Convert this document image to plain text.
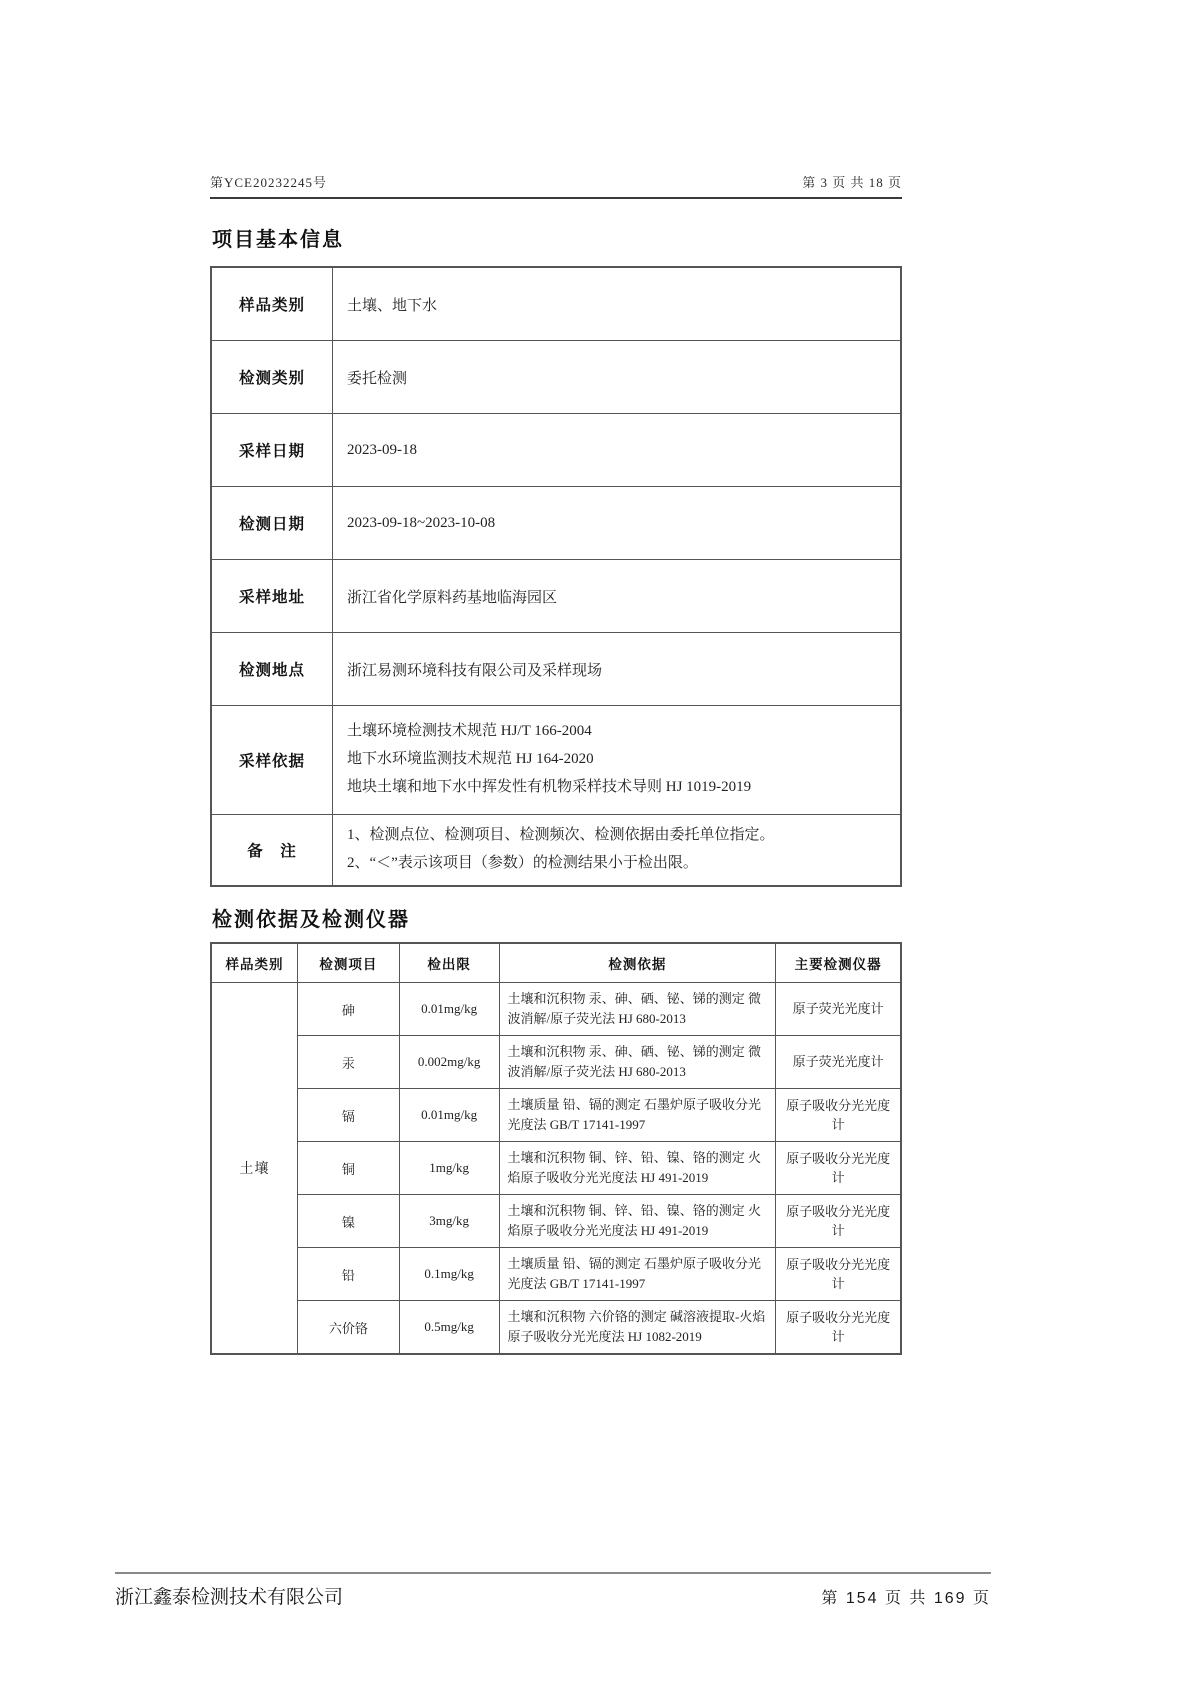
第YCE20232245号	第 3 页 共 18 页
项目基本信息
样品类别	土壤、地下水
检测类别	委托检测
采样日期	2023-09-18
检测日期	2023-09-18~2023-10-08
采样地址	浙江省化学原料药基地临海园区
检测地点	浙江易测环境科技有限公司及采样现场
采样依据	土壤环境检测技术规范 HJ/T 166-2004
地下水环境监测技术规范 HJ 164-2020
地块土壤和地下水中挥发性有机物采样技术导则 HJ 1019-2019

备　注	1、检测点位、检测项目、检测频次、检测依据由委托单位指定。
2、“＜”表示该项目（参数）的检测结果小于检出限。
检测依据及检测仪器
样品类别	检测项目	检出限	检测依据	主要检测仪器
土壤	砷	0.01mg/kg	土壤和沉积物 汞、砷、硒、铋、锑的测定 微波消解/原子荧光法 HJ 680-2013	原子荧光光度计
	汞	0.002mg/kg	土壤和沉积物 汞、砷、硒、铋、锑的测定 微波消解/原子荧光法 HJ 680-2013	原子荧光光度计
	镉	0.01mg/kg	土壤质量 铅、镉的测定 石墨炉原子吸收分光光度法 GB/T 17141-1997	原子吸收分光光度计
	铜	1mg/kg	土壤和沉积物 铜、锌、铅、镍、铬的测定 火焰原子吸收分光光度法 HJ 491-2019	原子吸收分光光度计
	镍	3mg/kg	土壤和沉积物 铜、锌、铅、镍、铬的测定 火焰原子吸收分光光度法 HJ 491-2019	原子吸收分光光度计
	铅	0.1mg/kg	土壤质量 铅、镉的测定 石墨炉原子吸收分光光度法 GB/T 17141-1997	原子吸收分光光度计
	六价铬	0.5mg/kg	土壤和沉积物 六价铬的测定 碱溶液提取-火焰原子吸收分光光度法 HJ 1082-2019	原子吸收分光光度计
浙江鑫泰检测技术有限公司	第 154 页 共 169 页
